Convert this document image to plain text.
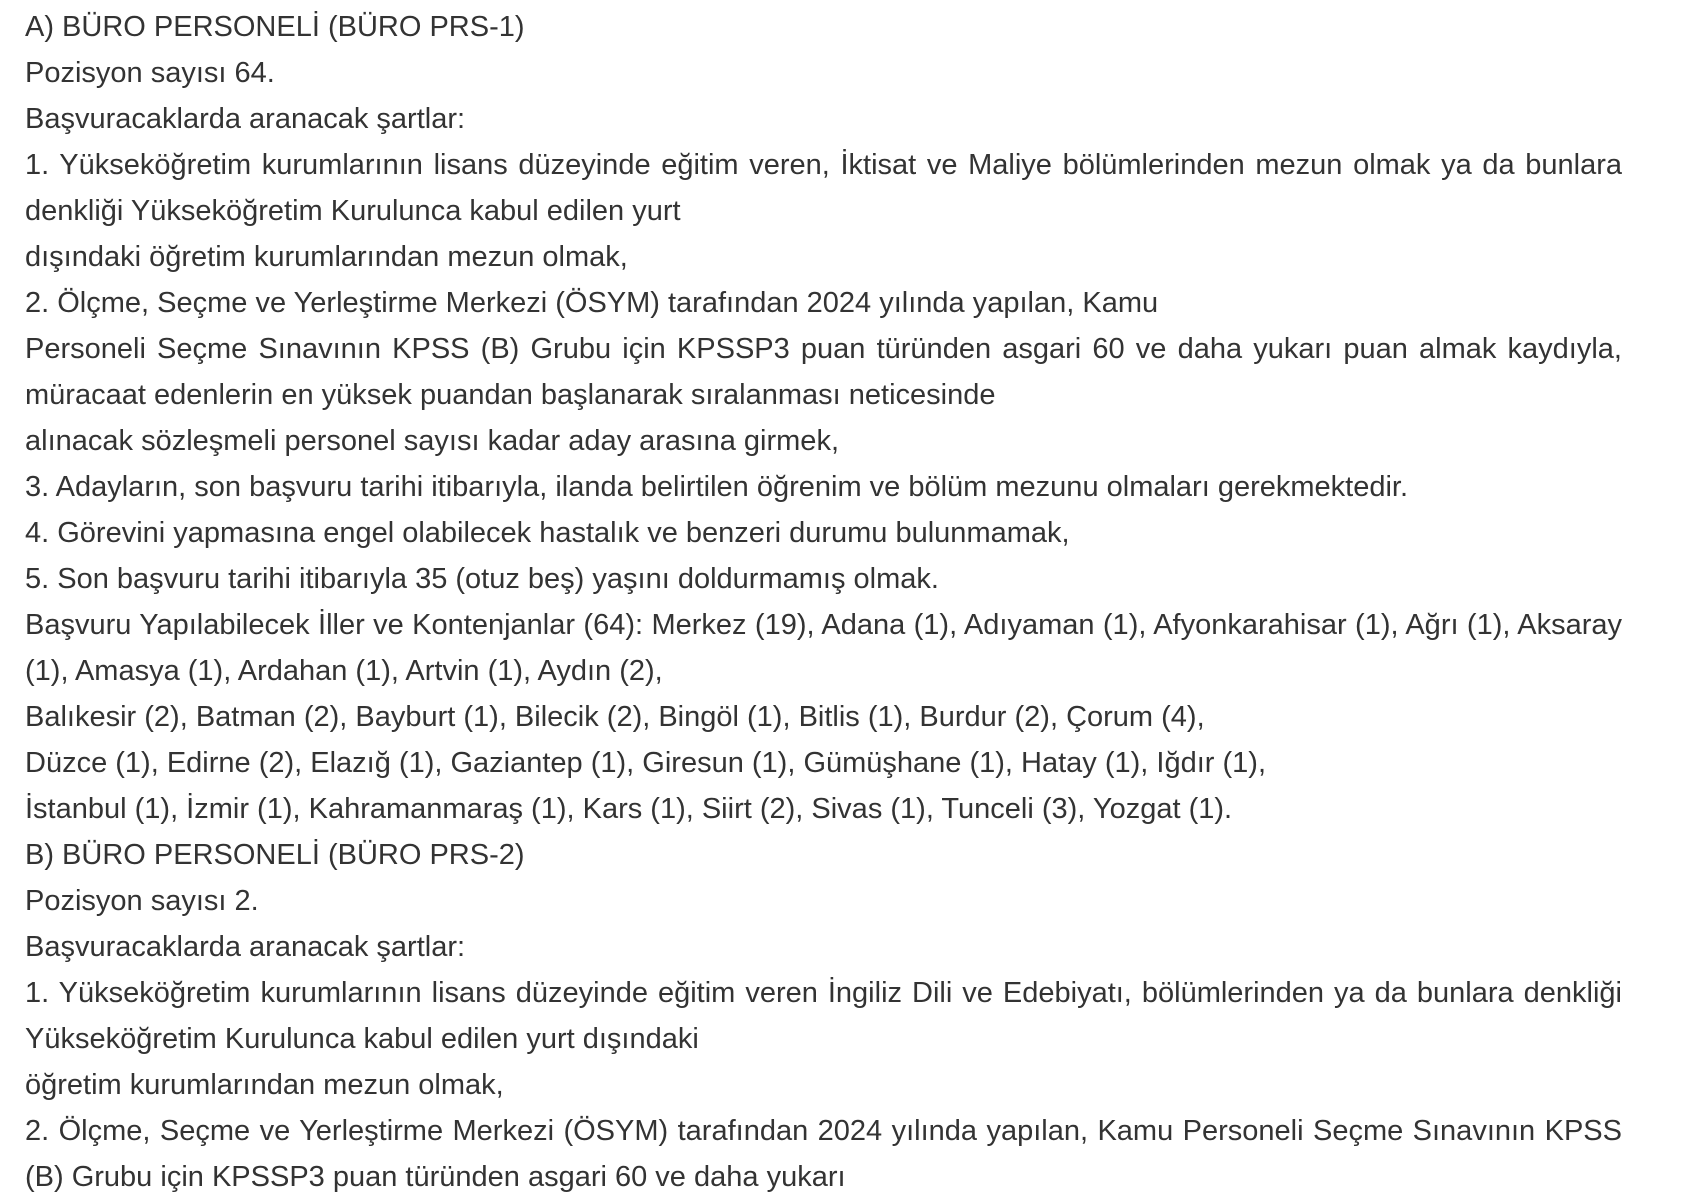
A) BÜRO PERSONELİ (BÜRO PRS-1)

Pozisyon sayısı 64.

Başvuracaklarda aranacak şartlar:

1. Yükseköğretim kurumlarının lisans düzeyinde eğitim veren, İktisat ve Maliye bölümlerinden mezun olmak ya da bunlara denkliği Yükseköğretim Kurulunca kabul edilen yurt

dışındaki öğretim kurumlarından mezun olmak,

2. Ölçme, Seçme ve Yerleştirme Merkezi (ÖSYM) tarafından 2024 yılında yapılan, Kamu

Personeli Seçme Sınavının KPSS (B) Grubu için KPSSP3 puan türünden asgari 60 ve daha yukarı puan almak kaydıyla, müracaat edenlerin en yüksek puandan başlanarak sıralanması neticesinde

alınacak sözleşmeli personel sayısı kadar aday arasına girmek,

3. Adayların, son başvuru tarihi itibarıyla, ilanda belirtilen öğrenim ve bölüm mezunu olmaları gerekmektedir.

4. Görevini yapmasına engel olabilecek hastalık ve benzeri durumu bulunmamak,

5. Son başvuru tarihi itibarıyla 35 (otuz beş) yaşını doldurmamış olmak.

Başvuru Yapılabilecek İller ve Kontenjanlar (64): Merkez (19), Adana (1), Adıyaman (1), Afyonkarahisar (1), Ağrı (1), Aksaray (1), Amasya (1), Ardahan (1), Artvin (1), Aydın (2),

Balıkesir (2), Batman (2), Bayburt (1), Bilecik (2), Bingöl (1), Bitlis (1), Burdur (2), Çorum (4),

Düzce (1), Edirne (2), Elazığ (1), Gaziantep (1), Giresun (1), Gümüşhane (1), Hatay (1), Iğdır (1),

İstanbul (1), İzmir (1), Kahramanmaraş (1), Kars (1), Siirt (2), Sivas (1), Tunceli (3), Yozgat (1).

B) BÜRO PERSONELİ (BÜRO PRS-2)

Pozisyon sayısı 2.

Başvuracaklarda aranacak şartlar:

1. Yükseköğretim kurumlarının lisans düzeyinde eğitim veren İngiliz Dili ve Edebiyatı, bölümlerinden ya da bunlara denkliği Yükseköğretim Kurulunca kabul edilen yurt dışındaki

öğretim kurumlarından mezun olmak,

2. Ölçme, Seçme ve Yerleştirme Merkezi (ÖSYM) tarafından 2024 yılında yapılan, Kamu Personeli Seçme Sınavının KPSS (B) Grubu için KPSSP3 puan türünden asgari 60 ve daha yukarı
